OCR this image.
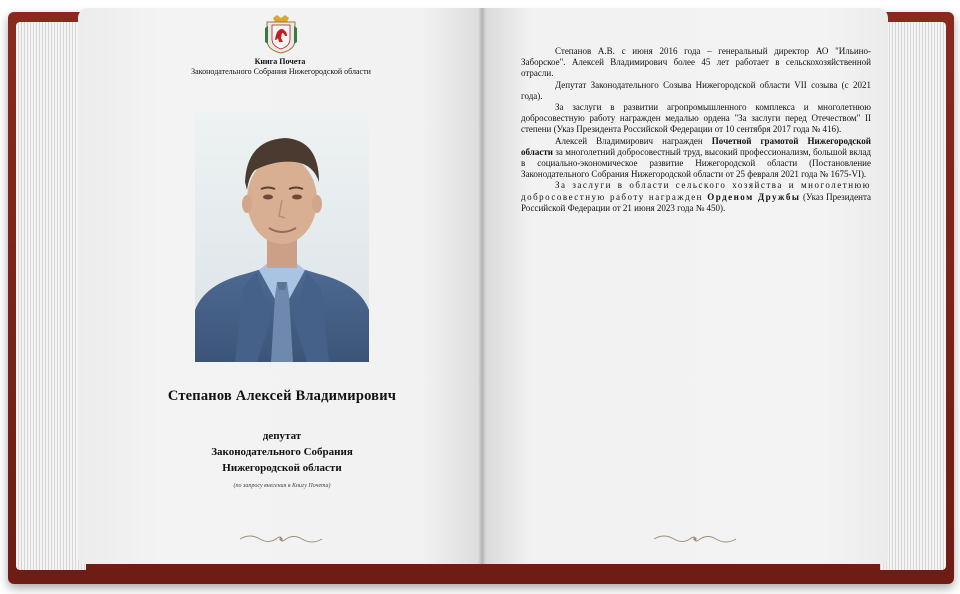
Книга Почета
Законодательного Собрания Нижегородской области
Степанов Алексей Владимирович
депутат
Законодательного Собрания
Нижегородской области
(по запросу внесения в Книгу Почета)

Степанов А.В. с июня 2016 года – генеральный директор АО "Ильино-Заборское". Алексей Владимирович более 45 лет работает в сельскохозяйственной отрасли.

Депутат Законодательного Созыва Нижегородской области VII созыва (с 2021 года).

За заслуги в развитии агропромышленного комплекса и многолетнюю добросовестную работу награжден медалью ордена "За заслуги перед Отечеством" II степени (Указ Президента Российской Федерации от 10 сентября 2017 года № 416).

Алексей Владимирович награжден Почетной грамотой Нижегородской области за многолетний добросовестный труд, высокий профессионализм, большой вклад в социально-экономическое развитие Нижегородской области (Постановление Законодательного Собрания Нижегородской области от 25 февраля 2021 года № 1675-VI).

За заслуги в области сельского хозяйства и многолетнюю добросовестную работу награжден Орденом Дружбы (Указ Президента Российской Федерации от 21 июня 2023 года № 450).
